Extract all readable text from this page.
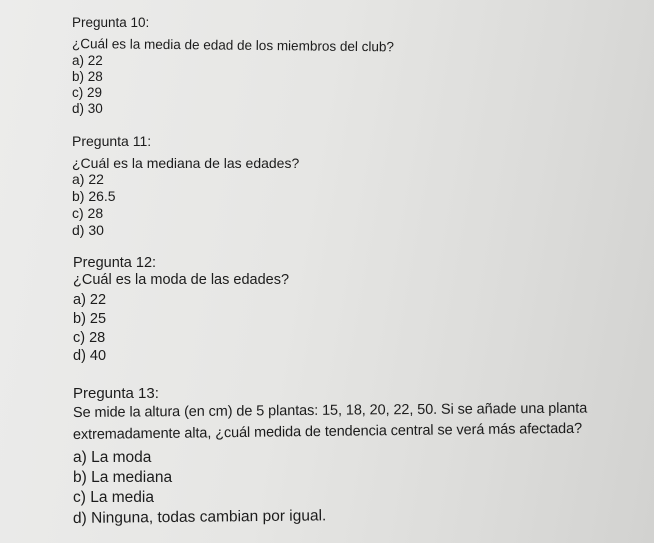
Pregunta 10:
¿Cuál es la media de edad de los miembros del club?
a) 22
b) 28
c) 29
d) 30
Pregunta 11:
¿Cuál es la mediana de las edades?
a) 22
b) 26.5
c) 28
d) 30
Pregunta 12:
¿Cuál es la moda de las edades?
a) 22
b) 25
c) 28
d) 40
Pregunta 13:
Se mide la altura (en cm) de 5 plantas: 15, 18, 20, 22, 50. Si se añade una planta
extremadamente alta, ¿cuál medida de tendencia central se verá más afectada?
a) La moda
b) La mediana
c) La media
d) Ninguna, todas cambian por igual.
